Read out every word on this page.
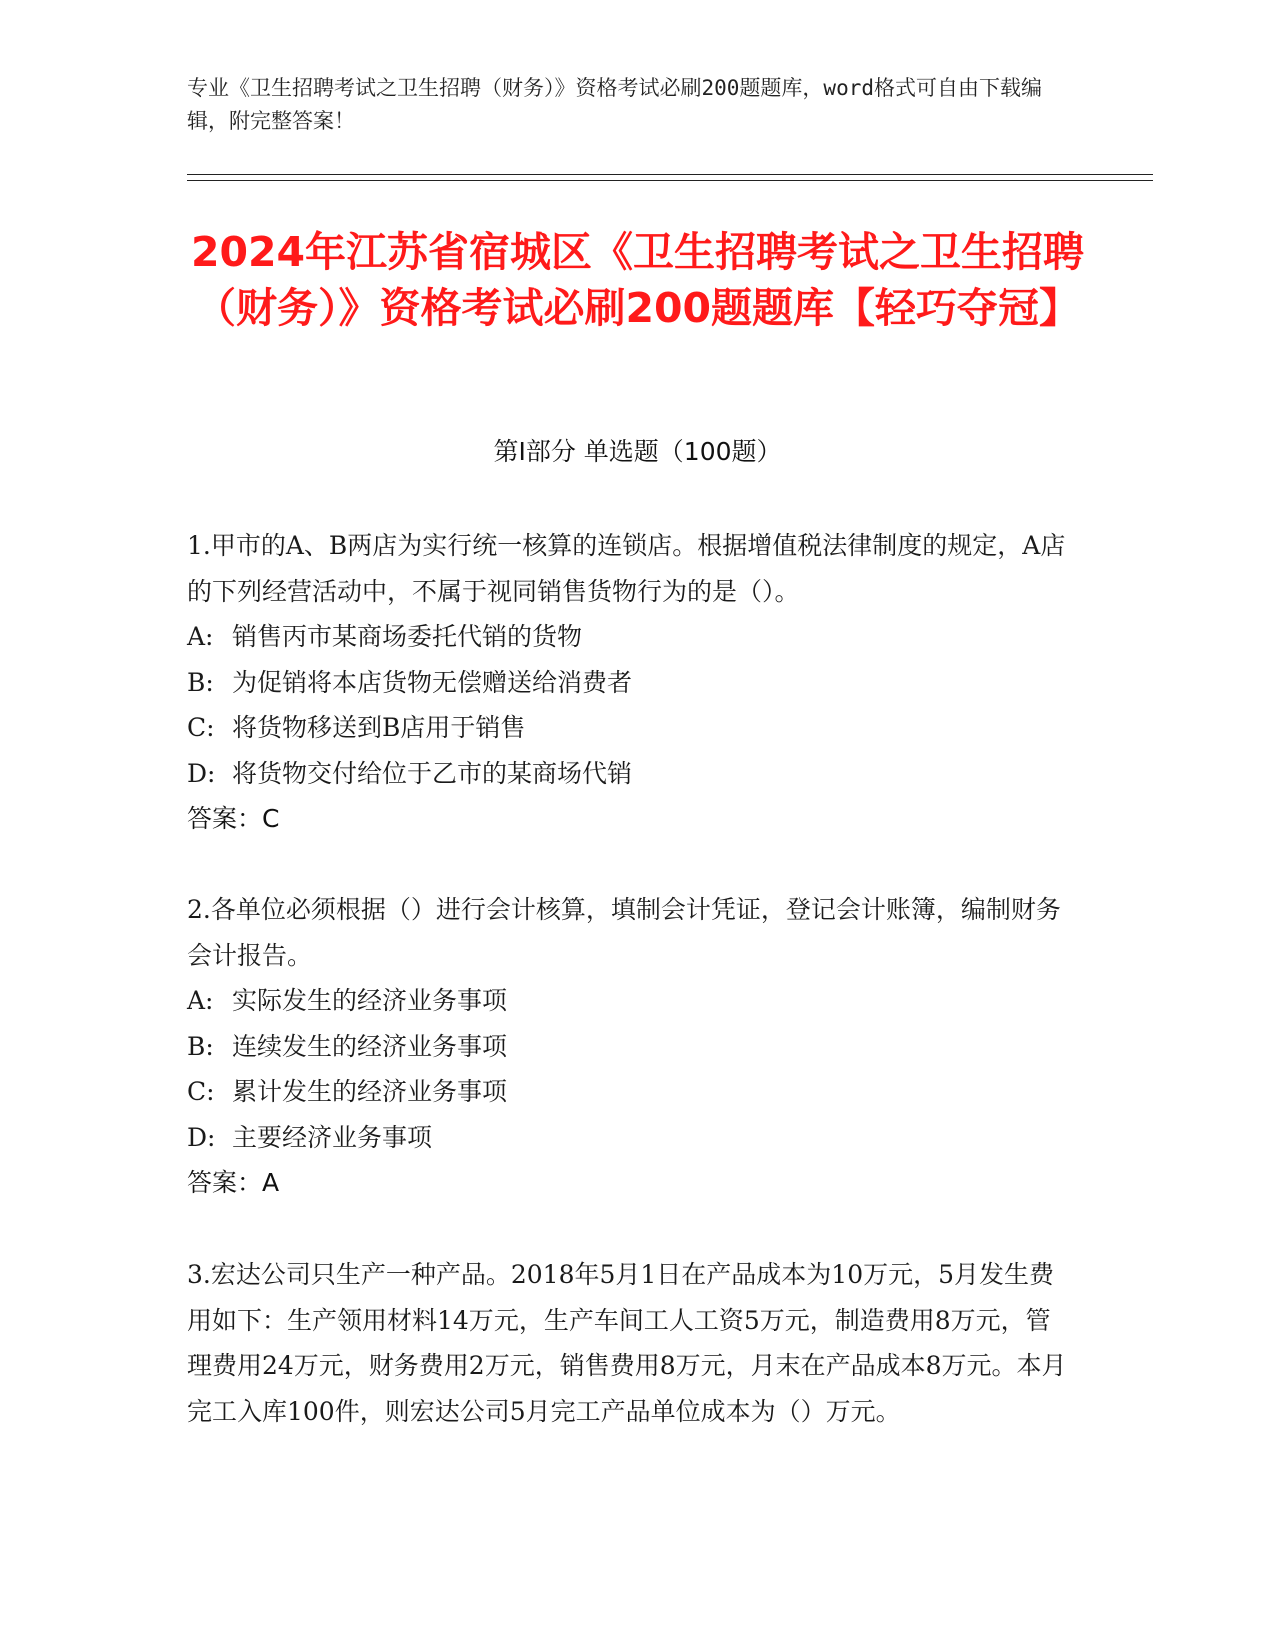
专业《卫生招聘考试之卫生招聘（财务）》资格考试必刷200题题库，word格式可自由下载编辑，附完整答案！
2024年江苏省宿城区《卫生招聘考试之卫生招聘（财务）》资格考试必刷200题题库【轻巧夺冠】
第Ⅰ部分 单选题（100题）

1.甲市的A、B两店为实行统一核算的连锁店。根据增值税法律制度的规定，A店的下列经营活动中，不属于视同销售货物行为的是（）。

A: 销售丙市某商场委托代销的货物

B: 为促销将本店货物无偿赠送给消费者

C: 将货物移送到B店用于销售

D: 将货物交付给位于乙市的某商场代销

答案：C

2.各单位必须根据（）进行会计核算，填制会计凭证，登记会计账簿，编制财务会计报告。

A: 实际发生的经济业务事项

B: 连续发生的经济业务事项

C: 累计发生的经济业务事项

D: 主要经济业务事项

答案：A

3.宏达公司只生产一种产品。2018年5月1日在产品成本为10万元，5月发生费用如下：生产领用材料14万元，生产车间工人工资5万元，制造费用8万元，管理费用24万元，财务费用2万元，销售费用8万元，月末在产品成本8万元。本月完工入库100件，则宏达公司5月完工产品单位成本为（）万元。
